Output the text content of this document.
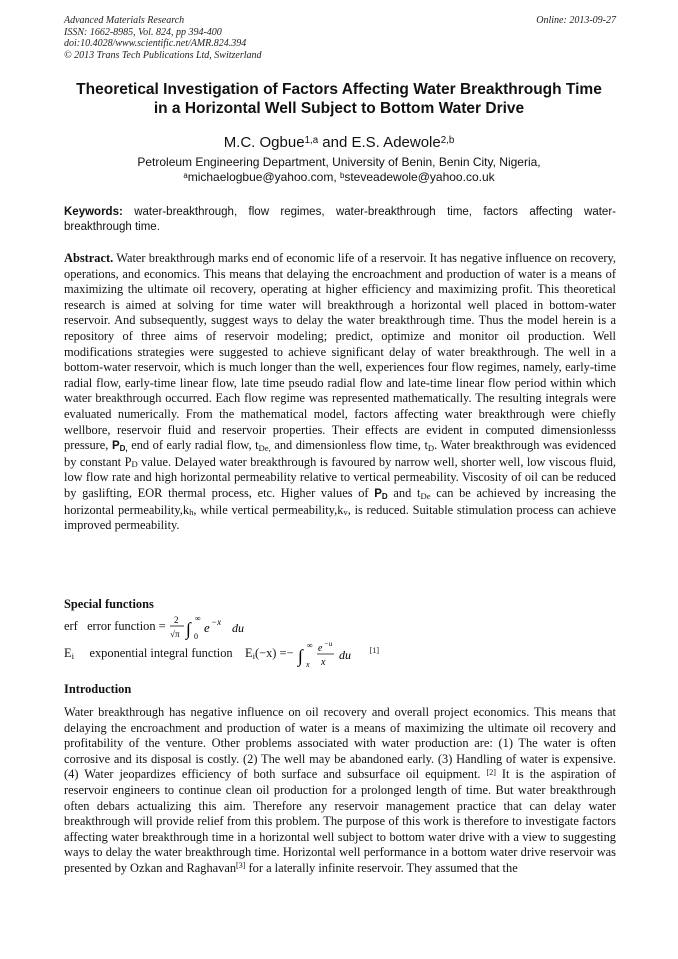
Advanced Materials Research
ISSN: 1662-8985, Vol. 824, pp 394-400
doi:10.4028/www.scientific.net/AMR.824.394
© 2013 Trans Tech Publications Ltd, Switzerland
Online: 2013-09-27
Theoretical Investigation of Factors Affecting Water Breakthrough Time
in a Horizontal Well Subject to Bottom Water Drive
M.C. Ogbue$^{1,a}$ and E.S. Adewole$^{2,b}$
Petroleum Engineering Department, University of Benin, Benin City, Nigeria,
$^a$michaelogbue@yahoo.com, $^b$steveadewole@yahoo.co.uk
Keywords: water-breakthrough, flow regimes, water-breakthrough time, factors affecting water-breakthrough time.
Abstract. Water breakthrough marks end of economic life of a reservoir. It has negative influence on recovery, operations, and economics. This means that delaying the encroachment and production of water is a means of maximizing the ultimate oil recovery, operating at higher efficiency and maximizing profit. This theoretical research is aimed at solving for time water will breakthrough a horizontal well placed in bottom-water reservoir. And subsequently, suggest ways to delay the water breakthrough time. Thus the model herein is a repository of three aims of reservoir modeling; predict, optimize and monitor oil production. Well modifications strategies were suggested to achieve significant delay of water breakthrough. The well in a bottom-water reservoir, which is much longer than the well, experiences four flow regimes, namely, early-time radial flow, early-time linear flow, late time pseudo radial flow and late-time linear flow period within which water breakthrough occurred. Each flow regime was represented mathematically. The resulting integrals were evaluated numerically. From the mathematical model, factors affecting water breakthrough were chiefly wellbore, reservoir fluid and reservoir properties. Their effects are evident in computed dimensionlesss pressure, $P_{D,}$ end of early radial flow, $t_{De,}$ and dimensionless flow time, $t_D$. Water breakthrough was evidenced by constant $P_D$ value. Delayed water breakthrough is favoured by narrow well, shorter well, low viscous fluid, low flow rate and high horizontal permeability relative to vertical permeability. Viscosity of oil can be reduced by gaslifting, EOR thermal process, etc. Higher values of $P_D$ and $t_{De}$ can be achieved by increasing the horizontal $permeability,k_h$, while vertical $permeability,k_v$, is reduced. Suitable stimulation process can achieve improved permeability.
Special functions
erf error function = 2
√π ∫
∞
0
e −x du
$E_i$ exponential integral function $E_i(-x)$ =− ∫
∞
x
e −u
x
du [1]
Introduction
Water breakthrough has negative influence on oil recovery and overall project economics. This means that delaying the encroachment and production of water is a means of maximizing the ultimate oil recovery and profitability of the venture. Other problems associated with water production are: (1) The water is often corrosive and its disposal is costly. (2) The well may be abandoned early. (3) Handling of water is expensive. (4) Water jeopardizes efficiency of both surface and subsurface oil equipment. [2] It is the aspiration of reservoir engineers to continue clean oil production for a prolonged length of time. But water breakthrough often debars actualizing this aim. Therefore any reservoir management practice that can delay water breakthrough will provide relief from this problem. The purpose of this work is therefore to investigate factors affecting water breakthrough time in a horizontal well subject to bottom water drive with a view to suggesting ways to delay the water breakthrough time. Horizontal well performance in a bottom water drive reservoir was presented by Ozkan and Raghavan[3] for a laterally infinite reservoir. They assumed that the
